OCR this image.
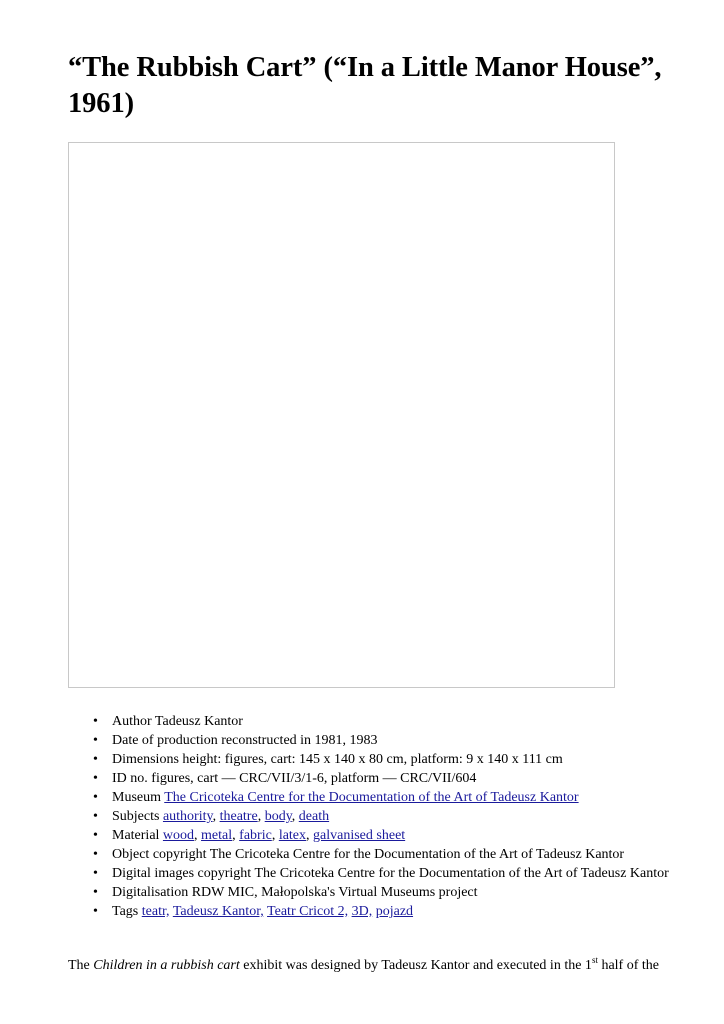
“The Rubbish Cart” (“In a Little Manor House”, 1961)
• Author Tadeusz Kantor
• Date of production reconstructed in 1981, 1983
• Dimensions height: figures, cart: 145 x 140 x 80 cm, platform: 9 x 140 x 111 cm
• ID no. figures, cart — CRC/VII/3/1-6, platform — CRC/VII/604
• Museum The Cricoteka Centre for the Documentation of the Art of Tadeusz Kantor
• Subjects authority, theatre, body, death
• Material wood, metal, fabric, latex, galvanised sheet
• Object copyright The Cricoteka Centre for the Documentation of the Art of Tadeusz Kantor
• Digital images copyright The Cricoteka Centre for the Documentation of the Art of Tadeusz Kantor
• Digitalisation RDW MIC, Małopolska's Virtual Museums project
• Tags teatr, Tadeusz Kantor, Teatr Cricot 2, 3D, pojazd

The Children in a rubbish cart exhibit was designed by Tadeusz Kantor and executed in the 1st half of the
